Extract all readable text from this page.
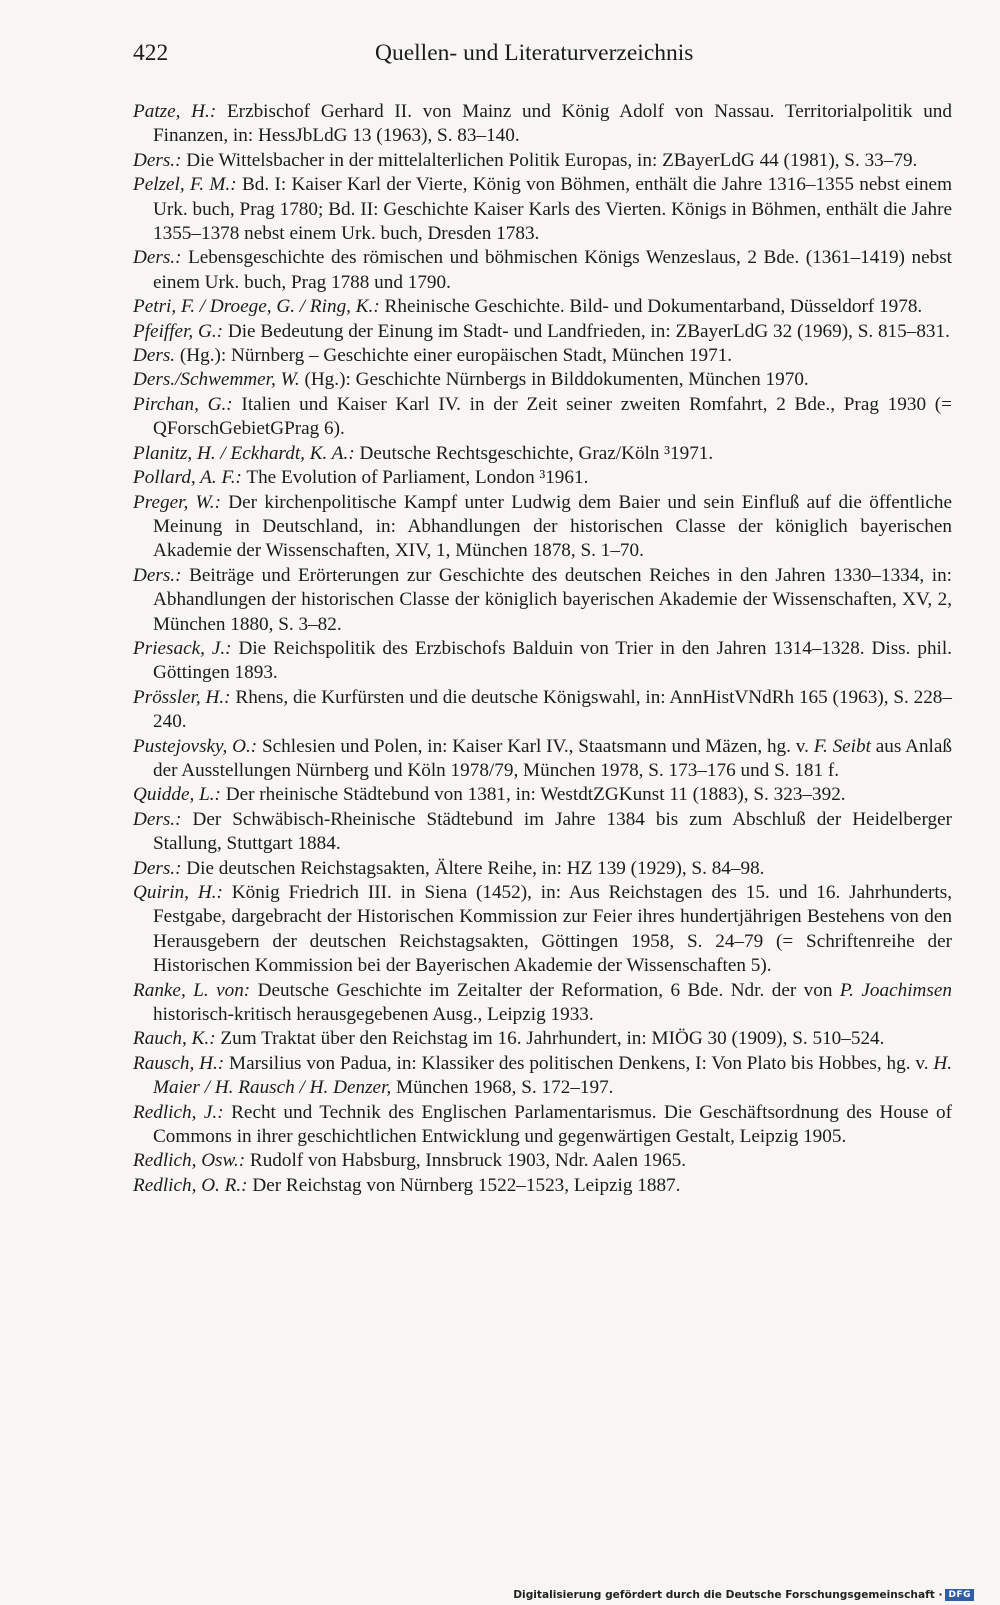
422	Quellen- und Literaturverzeichnis
Patze, H.: Erzbischof Gerhard II. von Mainz und König Adolf von Nassau. Territorialpolitik und Finanzen, in: HessJbLdG 13 (1963), S. 83–140.
Ders.: Die Wittelsbacher in der mittelalterlichen Politik Europas, in: ZBayerLdG 44 (1981), S. 33–79.
Pelzel, F. M.: Bd. I: Kaiser Karl der Vierte, König von Böhmen, enthält die Jahre 1316–1355 nebst einem Urk. buch, Prag 1780; Bd. II: Geschichte Kaiser Karls des Vierten. Königs in Böhmen, enthält die Jahre 1355–1378 nebst einem Urk. buch, Dresden 1783.
Ders.: Lebensgeschichte des römischen und böhmischen Königs Wenzeslaus, 2 Bde. (1361–1419) nebst einem Urk. buch, Prag 1788 und 1790.
Petri, F. / Droege, G. / Ring, K.: Rheinische Geschichte. Bild- und Dokumentarband, Düsseldorf 1978.
Pfeiffer, G.: Die Bedeutung der Einung im Stadt- und Landfrieden, in: ZBayerLdG 32 (1969), S. 815–831.
Ders. (Hg.): Nürnberg – Geschichte einer europäischen Stadt, München 1971.
Ders./Schwemmer, W. (Hg.): Geschichte Nürnbergs in Bilddokumenten, München 1970.
Pirchan, G.: Italien und Kaiser Karl IV. in der Zeit seiner zweiten Romfahrt, 2 Bde., Prag 1930 (= QForschGebietGPrag 6).
Planitz, H. / Eckhardt, K. A.: Deutsche Rechtsgeschichte, Graz/Köln ³1971.
Pollard, A. F.: The Evolution of Parliament, London ³1961.
Preger, W.: Der kirchenpolitische Kampf unter Ludwig dem Baier und sein Einfluß auf die öffentliche Meinung in Deutschland, in: Abhandlungen der historischen Classe der königlich bayerischen Akademie der Wissenschaften, XIV, 1, München 1878, S. 1–70.
Ders.: Beiträge und Erörterungen zur Geschichte des deutschen Reiches in den Jahren 1330–1334, in: Abhandlungen der historischen Classe der königlich bayerischen Akademie der Wissenschaften, XV, 2, München 1880, S. 3–82.
Priesack, J.: Die Reichspolitik des Erzbischofs Balduin von Trier in den Jahren 1314–1328. Diss. phil. Göttingen 1893.
Prössler, H.: Rhens, die Kurfürsten und die deutsche Königswahl, in: AnnHistVNdRh 165 (1963), S. 228–240.
Pustejovsky, O.: Schlesien und Polen, in: Kaiser Karl IV., Staatsmann und Mäzen, hg. v. F. Seibt aus Anlaß der Ausstellungen Nürnberg und Köln 1978/79, München 1978, S. 173–176 und S. 181 f.
Quidde, L.: Der rheinische Städtebund von 1381, in: WestdtZGKunst 11 (1883), S. 323–392.
Ders.: Der Schwäbisch-Rheinische Städtebund im Jahre 1384 bis zum Abschluß der Heidelberger Stallung, Stuttgart 1884.
Ders.: Die deutschen Reichstagsakten, Ältere Reihe, in: HZ 139 (1929), S. 84–98.
Quirin, H.: König Friedrich III. in Siena (1452), in: Aus Reichstagen des 15. und 16. Jahrhunderts, Festgabe, dargebracht der Historischen Kommission zur Feier ihres hundertjährigen Bestehens von den Herausgebern der deutschen Reichstagsakten, Göttingen 1958, S. 24–79 (= Schriftenreihe der Historischen Kommission bei der Bayerischen Akademie der Wissenschaften 5).
Ranke, L. von: Deutsche Geschichte im Zeitalter der Reformation, 6 Bde. Ndr. der von P. Joachimsen historisch-kritisch herausgegebenen Ausg., Leipzig 1933.
Rauch, K.: Zum Traktat über den Reichstag im 16. Jahrhundert, in: MIÖG 30 (1909), S. 510–524.
Rausch, H.: Marsilius von Padua, in: Klassiker des politischen Denkens, I: Von Plato bis Hobbes, hg. v. H. Maier / H. Rausch / H. Denzer, München 1968, S. 172–197.
Redlich, J.: Recht und Technik des Englischen Parlamentarismus. Die Geschäftsordnung des House of Commons in ihrer geschichtlichen Entwicklung und gegenwärtigen Gestalt, Leipzig 1905.
Redlich, Osw.: Rudolf von Habsburg, Innsbruck 1903, Ndr. Aalen 1965.
Redlich, O. R.: Der Reichstag von Nürnberg 1522–1523, Leipzig 1887.
Digitalisierung gefördert durch die Deutsche Forschungsgemeinschaft · DFG
